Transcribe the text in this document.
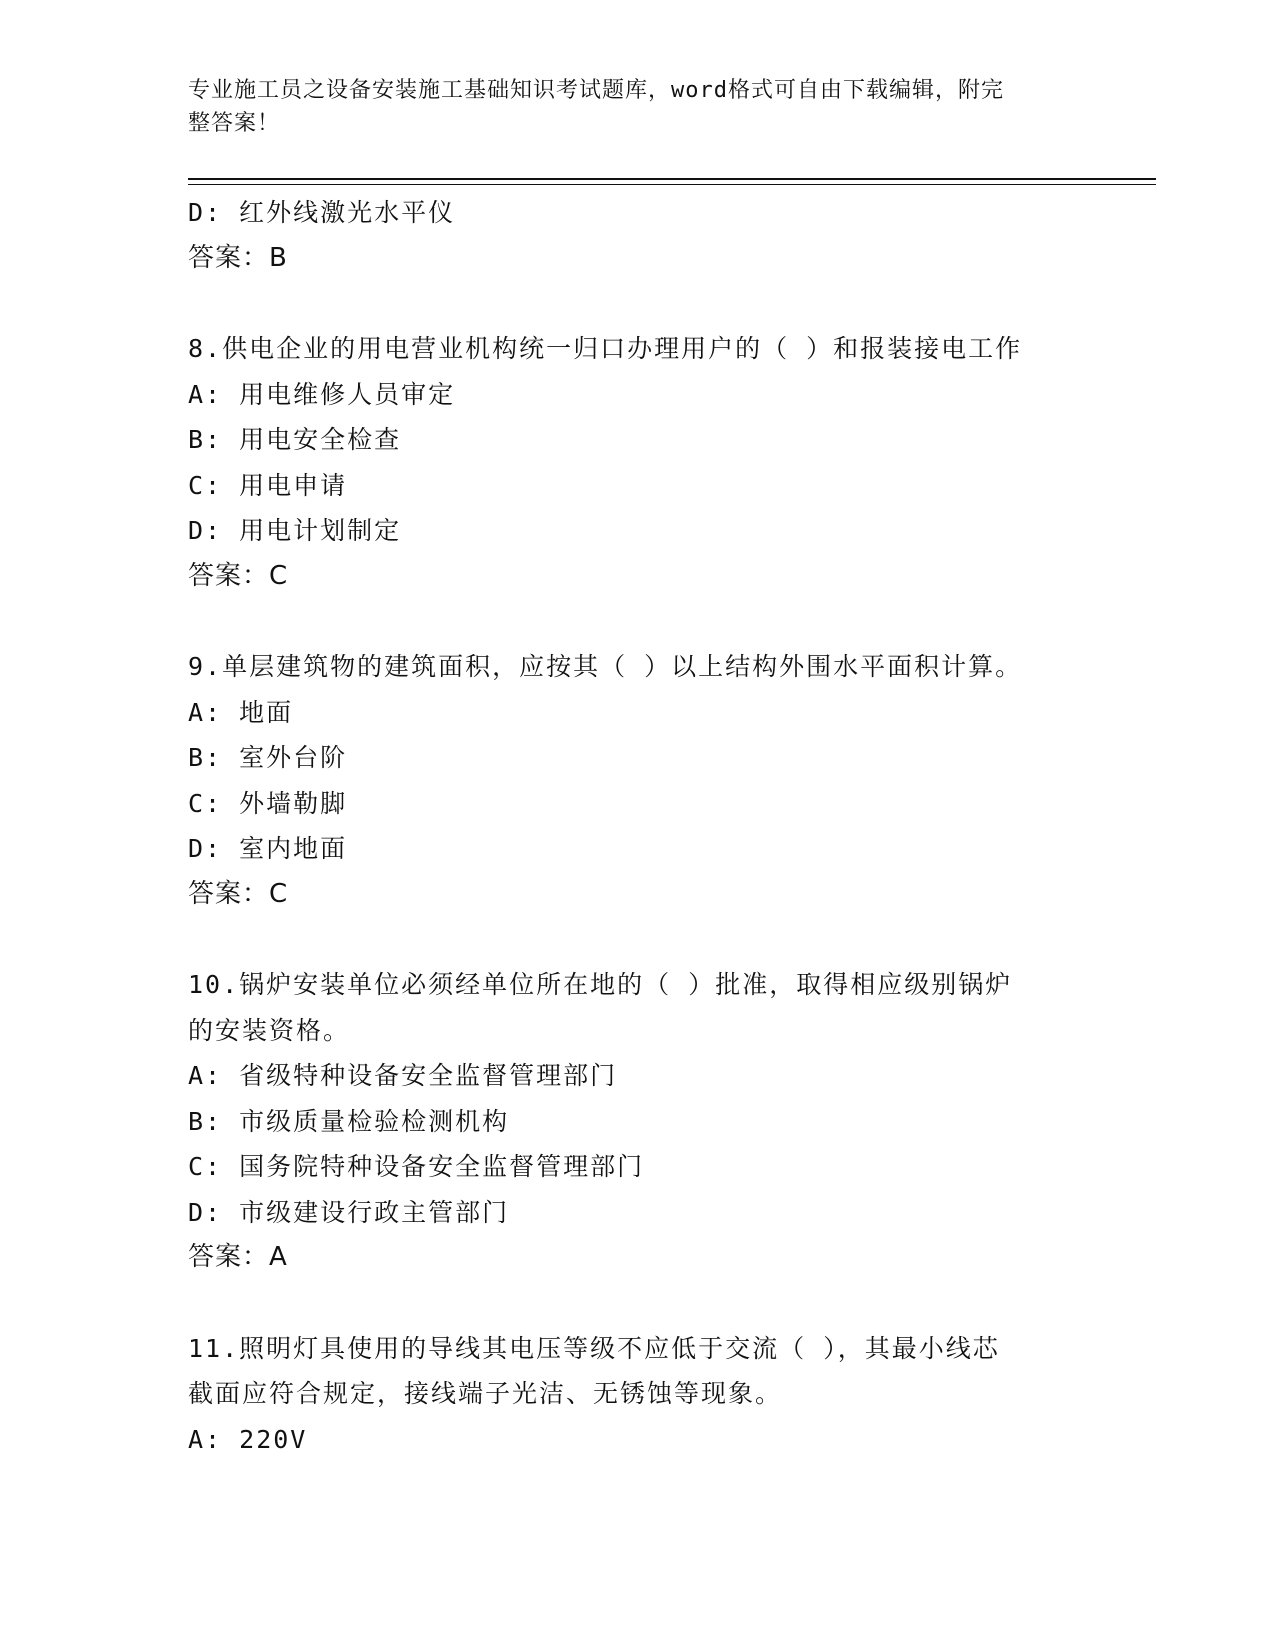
专业施工员之设备安装施工基础知识考试题库，word格式可自由下载编辑，附完
整答案！
D: 红外线激光水平仪
答案：B
8.供电企业的用电营业机构统一归口办理用户的（ ）和报装接电工作
A: 用电维修人员审定
B: 用电安全检查
C: 用电申请
D: 用电计划制定
答案：C
9.单层建筑物的建筑面积，应按其（ ）以上结构外围水平面积计算。
A: 地面
B: 室外台阶
C: 外墙勒脚
D: 室内地面
答案：C
10.锅炉安装单位必须经单位所在地的（ ）批准，取得相应级别锅炉
的安装资格。
A: 省级特种设备安全监督管理部门
B: 市级质量检验检测机构
C: 国务院特种设备安全监督管理部门
D: 市级建设行政主管部门
答案：A
11.照明灯具使用的导线其电压等级不应低于交流（ ），其最小线芯
截面应符合规定，接线端子光洁、无锈蚀等现象。
A: 220V
